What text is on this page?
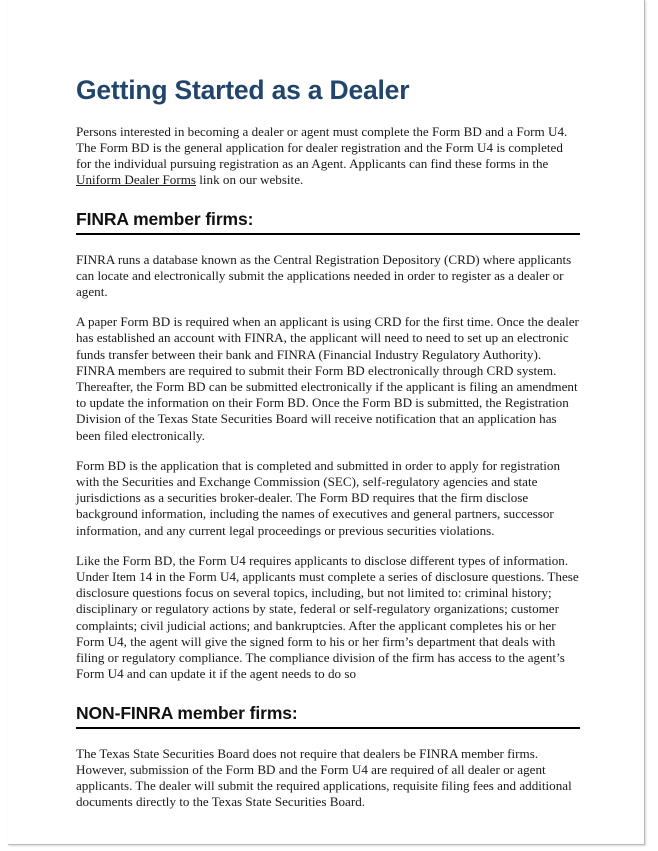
Getting Started as a Dealer

Persons interested in becoming a dealer or agent must complete the Form BD and a Form U4. The Form BD is the general application for dealer registration and the Form U4 is completed for the individual pursuing registration as an Agent. Applicants can find these forms in the Uniform Dealer Forms link on our website.

FINRA member firms:

FINRA runs a database known as the Central Registration Depository (CRD) where applicants can locate and electronically submit the applications needed in order to register as a dealer or agent.

A paper Form BD is required when an applicant is using CRD for the first time. Once the dealer has established an account with FINRA, the applicant will need to need to set up an electronic funds transfer between their bank and FINRA (Financial Industry Regulatory Authority). FINRA members are required to submit their Form BD electronically through CRD system. Thereafter, the Form BD can be submitted electronically if the applicant is filing an amendment to update the information on their Form BD. Once the Form BD is submitted, the Registration Division of the Texas State Securities Board will receive notification that an application has been filed electronically.

Form BD is the application that is completed and submitted in order to apply for registration with the Securities and Exchange Commission (SEC), self-regulatory agencies and state jurisdictions as a securities broker-dealer. The Form BD requires that the firm disclose background information, including the names of executives and general partners, successor information, and any current legal proceedings or previous securities violations.

Like the Form BD, the Form U4 requires applicants to disclose different types of information. Under Item 14 in the Form U4, applicants must complete a series of disclosure questions. These disclosure questions focus on several topics, including, but not limited to: criminal history; disciplinary or regulatory actions by state, federal or self-regulatory organizations; customer complaints; civil judicial actions; and bankruptcies. After the applicant completes his or her Form U4, the agent will give the signed form to his or her firm’s department that deals with filing or regulatory compliance. The compliance division of the firm has access to the agent’s Form U4 and can update it if the agent needs to do so

NON-FINRA member firms:

The Texas State Securities Board does not require that dealers be FINRA member firms. However, submission of the Form BD and the Form U4 are required of all dealer or agent applicants. The dealer will submit the required applications, requisite filing fees and additional documents directly to the Texas State Securities Board.
